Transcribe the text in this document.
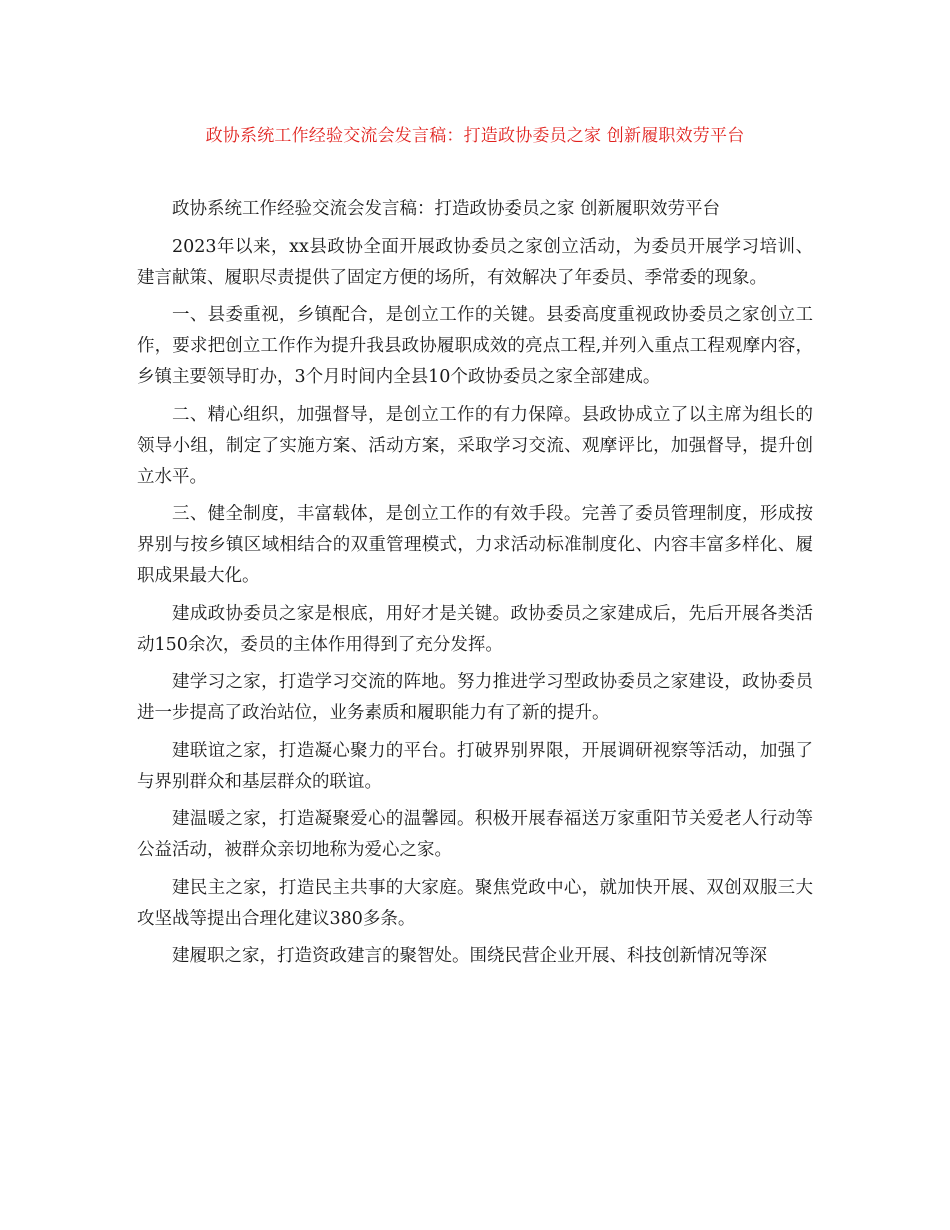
政协系统工作经验交流会发言稿：打造政协委员之家 创新履职效劳平台

政协系统工作经验交流会发言稿：打造政协委员之家 创新履职效劳平台

2023年以来，xx县政协全面开展政协委员之家创立活动，为委员开展学习培训、建言献策、履职尽责提供了固定方便的场所，有效解决了年委员、季常委的现象。

一、县委重视，乡镇配合，是创立工作的关键。县委高度重视政协委员之家创立工作，要求把创立工作作为提升我县政协履职成效的亮点工程,并列入重点工程观摩内容，乡镇主要领导盯办，3个月时间内全县10个政协委员之家全部建成。

二、精心组织，加强督导，是创立工作的有力保障。县政协成立了以主席为组长的领导小组，制定了实施方案、活动方案，采取学习交流、观摩评比，加强督导，提升创立水平。

三、健全制度，丰富载体，是创立工作的有效手段。完善了委员管理制度，形成按界别与按乡镇区域相结合的双重管理模式，力求活动标准制度化、内容丰富多样化、履职成果最大化。

建成政协委员之家是根底，用好才是关键。政协委员之家建成后，先后开展各类活动150余次，委员的主体作用得到了充分发挥。

建学习之家，打造学习交流的阵地。努力推进学习型政协委员之家建设，政协委员进一步提高了政治站位，业务素质和履职能力有了新的提升。

建联谊之家，打造凝心聚力的平台。打破界别界限，开展调研视察等活动，加强了与界别群众和基层群众的联谊。

建温暖之家，打造凝聚爱心的温馨园。积极开展春福送万家重阳节关爱老人行动等公益活动，被群众亲切地称为爱心之家。

建民主之家，打造民主共事的大家庭。聚焦党政中心，就加快开展、双创双服三大攻坚战等提出合理化建议380多条。

建履职之家，打造资政建言的聚智处。围绕民营企业开展、科技创新情况等深
